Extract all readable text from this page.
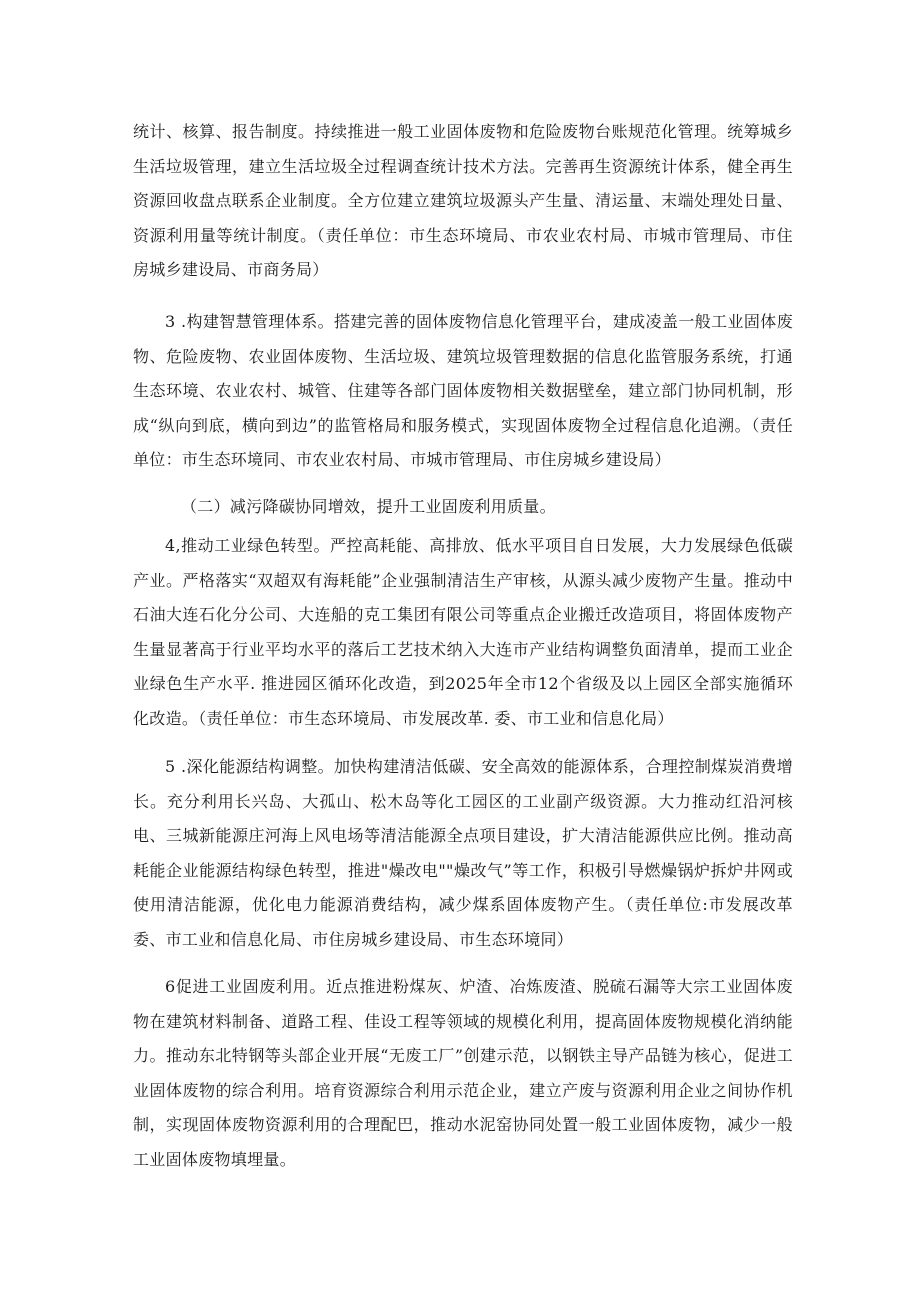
统计、核算、报告制度。持续推进一般工业固体废物和危险废物台账规范化管理。统筹城乡生活垃圾管理，建立生活垃圾全过程调查统计技术方法。完善再生资源统计体系，健全再生资源回收盘点联系企业制度。全方位建立建筑垃圾源头产生量、清运量、末端处理处日量、资源利用量等统计制度。（责任单位：市生态环境局、市农业农村局、市城市管理局、市住房城乡建设局、市商务局）

3 .构建智慧管理体系。搭建完善的固体废物信息化管理平台，建成凌盖一般工业固体废物、危险废物、农业固体废物、生活垃圾、建筑垃圾管理数据的信息化监管服务系统，打通生态环境、农业农村、城管、住建等各部门固体废物相关数据壁垒，建立部门协同机制，形成“纵向到底，横向到边”的监管格局和服务模式，实现固体废物全过程信息化追溯。（责任单位：市生态环境同、市农业农村局、市城市管理局、市住房城乡建设局）

（二）减污降碳协同增效，提升工业固废利用质量。

4,推动工业绿色转型。严控高耗能、高排放、低水平项目自日发展，大力发展绿色低碳产业。严格落实“双超双有海耗能”企业强制清洁生产审核，从源头减少废物产生量。推动中石油大连石化分公司、大连船的克工集团有限公司等重点企业搬迁改造项目，将固体废物产生量显著高于行业平均水平的落后工艺技术纳入大连市产业结构调整负面清单，提而工业企业绿色生产水平. 推进园区循环化改造，到2025年全市12个省级及以上园区全部实施循环化改造。（责任单位：市生态环境局、市发展改革. 委、市工业和信息化局）

5 .深化能源结构调整。加快构建清洁低碳、安全高效的能源体系，合理控制煤炭消费增长。充分利用长兴岛、大孤山、松木岛等化工园区的工业副产级资源。大力推动红沿河核电、三城新能源庄河海上风电场等清洁能源全点项目建设，扩大清洁能源供应比例。推动高耗能企业能源结构绿色转型，推进"燥改电""燥改气”等工作，积极引导燃燥锅炉拆炉井网或使用清洁能源，优化电力能源消费结构，减少煤系固体废物产生。（责任单位:市发展改革委、市工业和信息化局、市住房城乡建设局、市生态环境同）

6促进工业固废利用。近点推进粉煤灰、炉渣、冶炼废渣、脱硫石漏等大宗工业固体废物在建筑材料制备、道路工程、佳设工程等领域的规模化利用，提高固体废物规模化消纳能力。推动东北特钢等头部企业开展“无废工厂”创建示范，以钢铁主导产品链为核心，促进工业固体废物的综合利用。培育资源综合利用示范企业，建立产废与资源利用企业之间协作机制，实现固体废物资源利用的合理配巴，推动水泥窑协同处置一般工业固体废物，减少一般工业固体废物填埋量。
